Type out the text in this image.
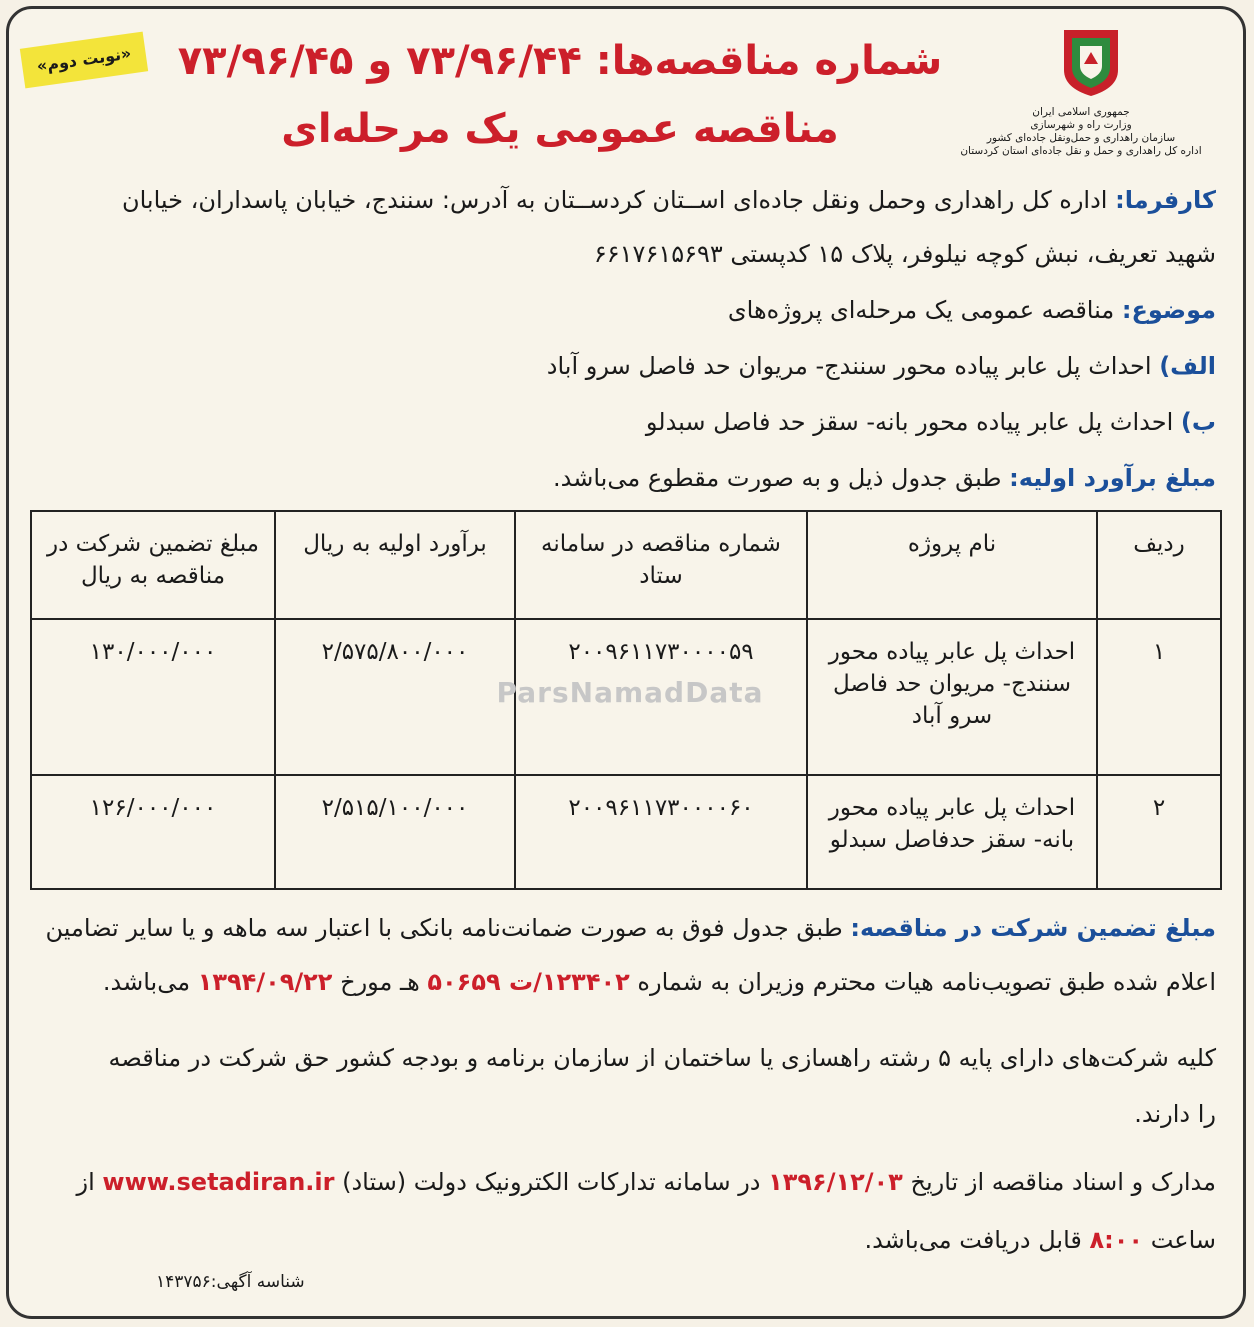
«نوبت دوم»
جمهوری اسلامی ایران
وزارت راه و شهرسازی
سازمان راهداری و حمل‌ونقل جاده‌ای کشور
اداره کل راهداری و حمل و نقل جاده‌ای استان کردستان
شماره مناقصه‌ها: ۷۳/۹۶/۴۴ و ۷۳/۹۶/۴۵
مناقصه عمومی یک مرحله‌ای
کارفرما: اداره کل راهداری وحمل ونقل جاده‌ای اســتان کردســتان به آدرس: سنندج، خیابان پاسداران، خیابان
شهید تعریف، نبش کوچه نیلوفر، پلاک ۱۵ کدپستی ۶۶۱۷۶۱۵۶۹۳
موضوع: مناقصه عمومی یک مرحله‌ای پروژه‌های
الف) احداث پل عابر پیاده محور سنندج- مریوان حد فاصل سرو آباد
ب) احداث پل عابر پیاده محور بانه- سقز حد فاصل سبدلو
مبلغ برآورد اولیه: طبق جدول ذیل و به صورت مقطوع می‌باشد.
ردیف	نام پروژه	شماره مناقصه در سامانه ستاد	برآورد اولیه به ریال	مبلغ تضمین شرکت در مناقصه به ریال
۱	احداث پل عابر پیاده محور سنندج- مریوان حد فاصل سرو آباد	۲۰۰۹۶۱۱۷۳۰۰۰۰۵۹	۲/۵۷۵/۸۰۰/۰۰۰	۱۳۰/۰۰۰/۰۰۰
۲	احداث پل عابر پیاده محور بانه- سقز حدفاصل سبدلو	۲۰۰۹۶۱۱۷۳۰۰۰۰۶۰	۲/۵۱۵/۱۰۰/۰۰۰	۱۲۶/۰۰۰/۰۰۰
ParsNamadData
مبلغ تضمین شرکت در مناقصه: طبق جدول فوق به صورت ضمانت‌نامه بانکی با اعتبار سه ماهه و یا سایر تضامین
اعلام شده طبق تصویب‌نامه هیات محترم وزیران به شماره ۱۲۳۴۰۲/ت ۵۰۶۵۹ هـ مورخ ۱۳۹۴/۰۹/۲۲ می‌باشد.
کلیه شرکت‌های دارای پایه ۵ رشته راهسازی یا ساختمان از سازمان برنامه و بودجه کشور حق شرکت در مناقصه
را دارند.
مدارک و اسناد مناقصه از تاریخ ۱۳۹۶/۱۲/۰۳ در سامانه تدارکات الکترونیک دولت (ستاد) www.setadiran.ir از
ساعت ۸:۰۰ قابل دریافت می‌باشد.
شناسه آگهی:۱۴۳۷۵۶
